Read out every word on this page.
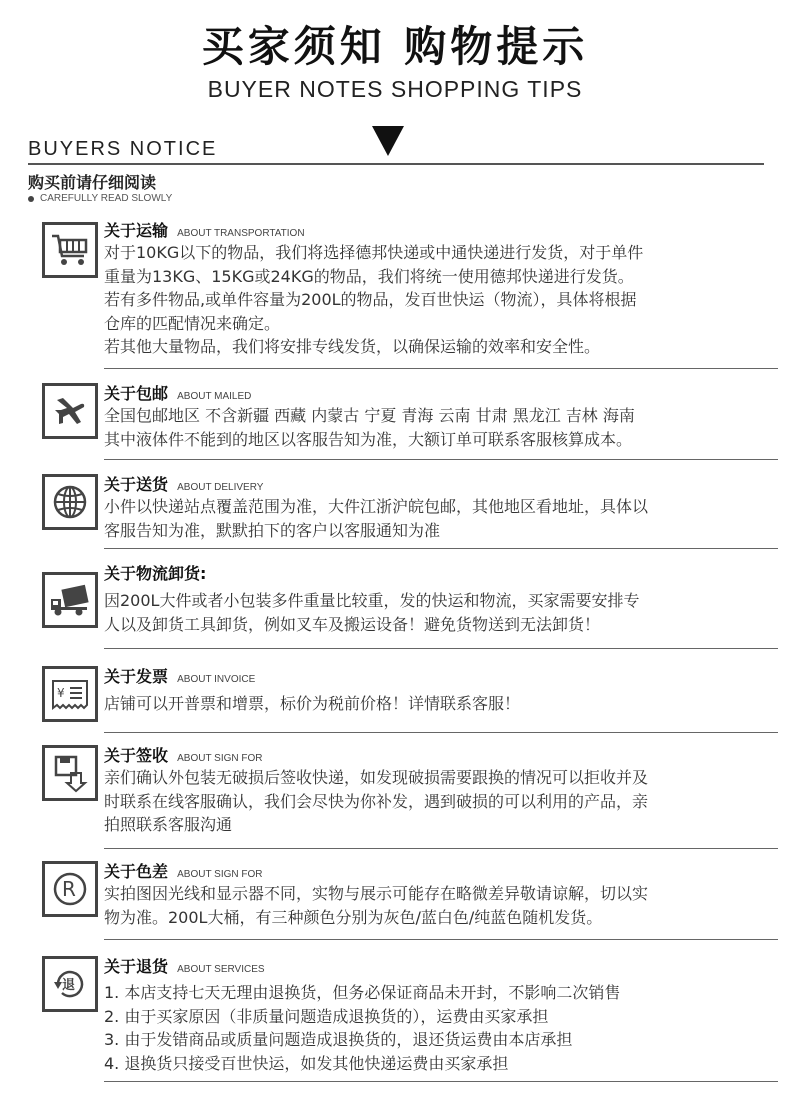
买家须知 购物提示
BUYER NOTES SHOPPING TIPS
BUYERS NOTICE
购买前请仔细阅读
CAREFULLY READ SLOWLY
关于运输 ABOUT TRANSPORTATION
对于10KG以下的物品，我们将选择德邦快递或中通快递进行发货，对于单件
重量为13KG、15KG或24KG的物品，我们将统一使用德邦快递进行发货。
若有多件物品,或单件容量为200L的物品，发百世快运（物流），具体将根据
仓库的匹配情况来确定。
若其他大量物品，我们将安排专线发货，以确保运输的效率和安全性。
关于包邮 ABOUT MAILED
全国包邮地区 不含新疆 西藏 内蒙古 宁夏 青海 云南 甘肃 黑龙江 吉林 海南
其中液体件不能到的地区以客服告知为准，大额订单可联系客服核算成本。
关于送货 ABOUT DELIVERY
小件以快递站点覆盖范围为准，大件江浙沪皖包邮，其他地区看地址，具体以
客服告知为准，默默拍下的客户以客服通知为准
关于物流卸货:
因200L大件或者小包装多件重量比较重，发的快运和物流，买家需要安排专
人以及卸货工具卸货，例如叉车及搬运设备！避免货物送到无法卸货！
¥
关于发票 ABOUT INVOICE
店铺可以开普票和增票，标价为税前价格！详情联系客服！
关于签收 ABOUT SIGN FOR
亲们确认外包装无破损后签收快递，如发现破损需要跟换的情况可以拒收并及
时联系在线客服确认，我们会尽快为你补发，遇到破损的可以利用的产品，亲
拍照联系客服沟通
R
关于色差 ABOUT SIGN FOR
实拍图因光线和显示器不同，实物与展示可能存在略微差异敬请谅解，切以实
物为准。200L大桶，有三种颜色分别为灰色/蓝白色/纯蓝色随机发货。
退
关于退货 ABOUT SERVICES
1. 本店支持七天无理由退换货，但务必保证商品未开封，不影响二次销售
2. 由于买家原因（非质量问题造成退换货的），运费由买家承担
3. 由于发错商品或质量问题造成退换货的，退还货运费由本店承担
4. 退换货只接受百世快运，如发其他快递运费由买家承担
